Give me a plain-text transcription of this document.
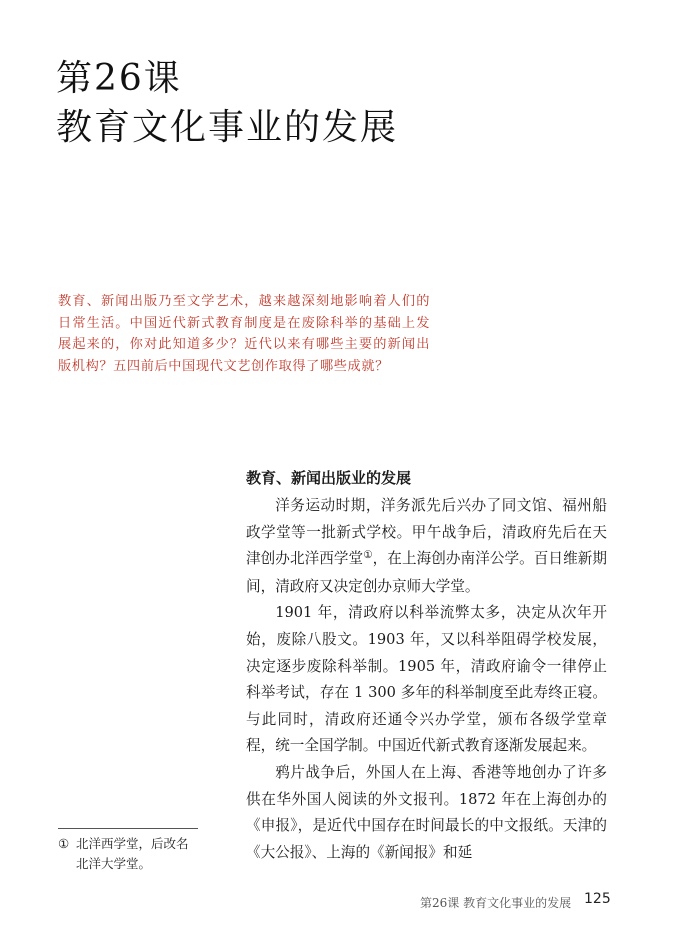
第26课
教育文化事业的发展

教育、新闻出版乃至文学艺术，越来越深刻地影响着人们的日常生活。中国近代新式教育制度是在废除科举的基础上发展起来的，你对此知道多少？近代以来有哪些主要的新闻出版机构？五四前后中国现代文艺创作取得了哪些成就？

教育、新闻出版业的发展

洋务运动时期，洋务派先后兴办了同文馆、福州船政学堂等一批新式学校。甲午战争后，清政府先后在天津创办北洋西学堂①，在上海创办南洋公学。百日维新期间，清政府又决定创办京师大学堂。

1901 年，清政府以科举流弊太多，决定从次年开始，废除八股文。1903 年，又以科举阻碍学校发展，决定逐步废除科举制。1905 年，清政府谕令一律停止科举考试，存在 1 300 多年的科举制度至此寿终正寝。与此同时，清政府还通令兴办学堂，颁布各级学堂章程，统一全国学制。中国近代新式教育逐渐发展起来。

鸦片战争后，外国人在上海、香港等地创办了许多供在华外国人阅读的外文报刊。1872 年在上海创办的《申报》，是近代中国存在时间最长的中文报纸。天津的《大公报》、上海的《新闻报》和延

① 北洋西学堂，后改名
北洋大学堂。
第26课 教育文化事业的发展 125
